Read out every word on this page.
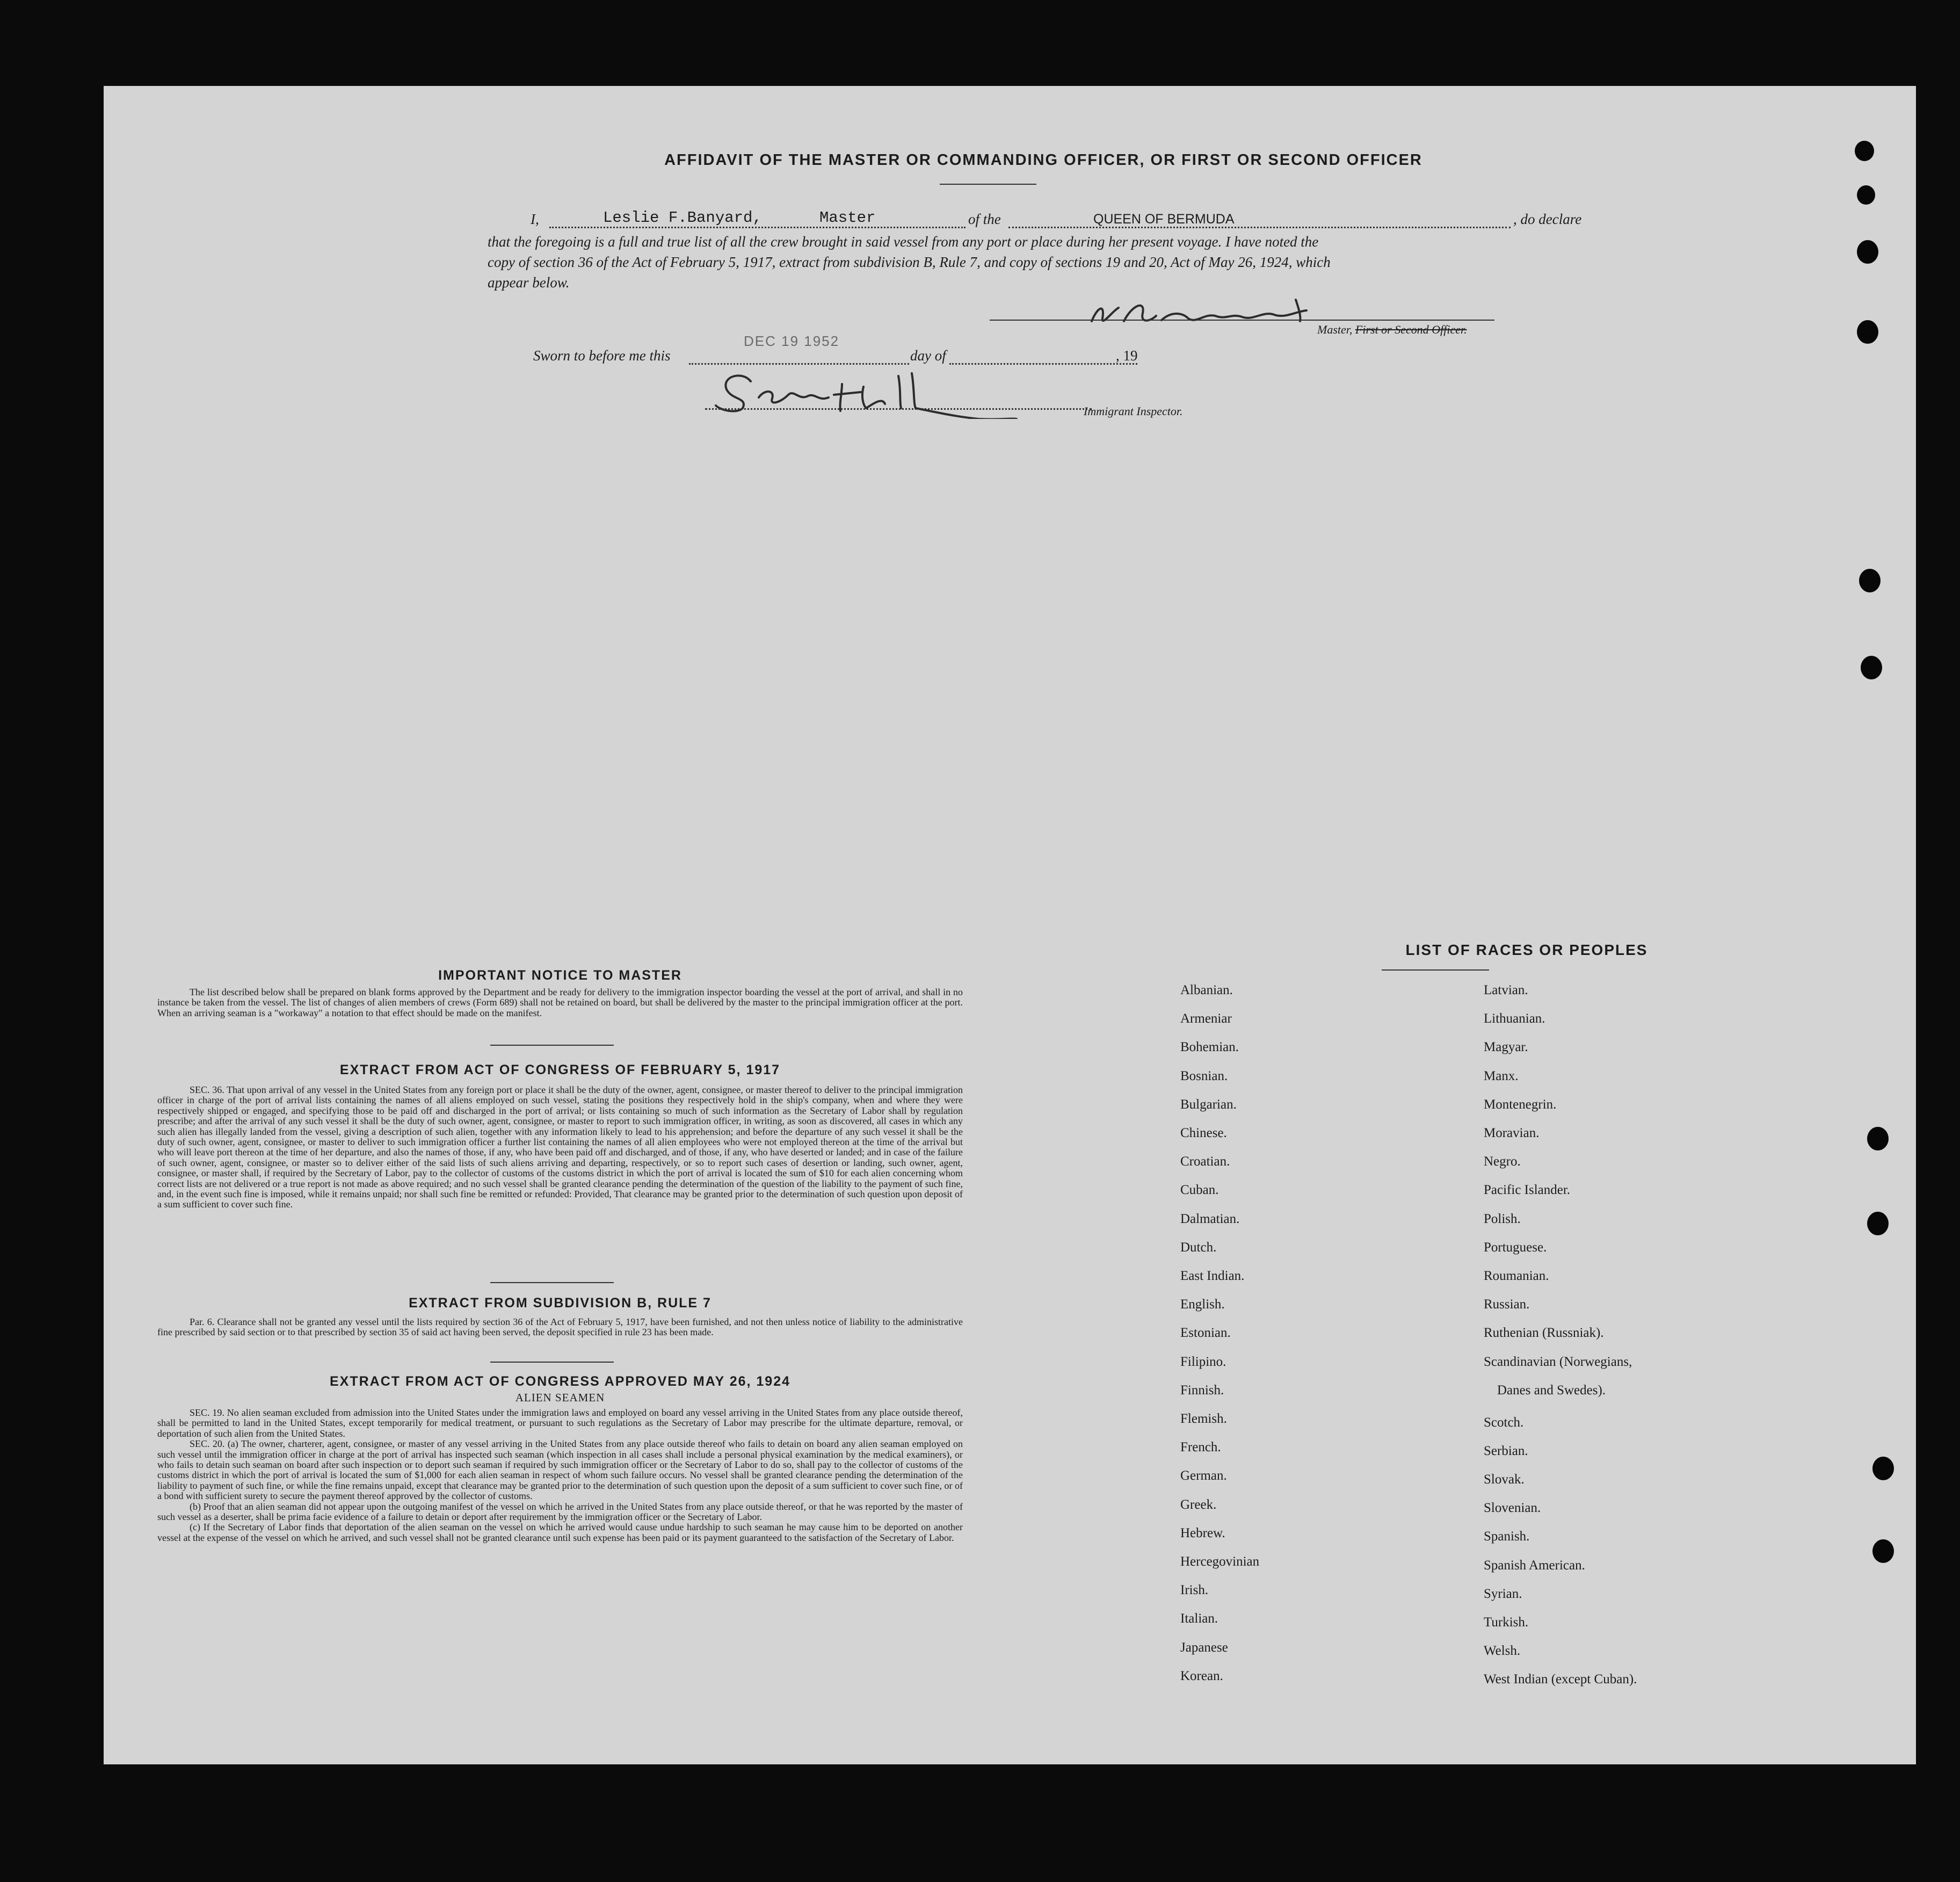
AFFIDAVIT OF THE MASTER OR COMMANDING OFFICER, OR FIRST OR SECOND OFFICER
I,	Leslie F.Banyard,	Master	of the	QUEEN OF BERMUDA	, do declare
that the foregoing is a full and true list of all the crew brought in said vessel from any port or place during her present voyage. I have noted the
copy of section 36 of the Act of February 5, 1917, extract from subdivision B, Rule 7, and copy of sections 19 and 20, Act of May 26, 1924, which
appear below.
Master, First or Second Officer.
Sworn to before me this
DEC 19 1952
day of	, 19
Immigrant Inspector.
IMPORTANT NOTICE TO MASTER
The list described below shall be prepared on blank forms approved by the Department and be ready for delivery to the immigration inspector boarding the vessel at the port of arrival, and shall in no instance be taken from the vessel. The list of changes of alien members of crews (Form 689) shall not be retained on board, but shall be delivered by the master to the principal immigration officer at the port. When an arriving seaman is a "workaway" a notation to that effect should be made on the manifest.
EXTRACT FROM ACT OF CONGRESS OF FEBRUARY 5, 1917
SEC. 36. That upon arrival of any vessel in the United States from any foreign port or place it shall be the duty of the owner, agent, consignee, or master thereof to deliver to the principal immigration officer in charge of the port of arrival lists containing the names of all aliens employed on such vessel, stating the positions they respectively hold in the ship's company, when and where they were respectively shipped or engaged, and specifying those to be paid off and discharged in the port of arrival; or lists containing so much of such information as the Secretary of Labor shall by regulation prescribe; and after the arrival of any such vessel it shall be the duty of such owner, agent, consignee, or master to report to such immigration officer, in writing, as soon as discovered, all cases in which any such alien has illegally landed from the vessel, giving a description of such alien, together with any information likely to lead to his apprehension; and before the departure of any such vessel it shall be the duty of such owner, agent, consignee, or master to deliver to such immigration officer a further list containing the names of all alien employees who were not employed thereon at the time of the arrival but who will leave port thereon at the time of her departure, and also the names of those, if any, who have been paid off and discharged, and of those, if any, who have deserted or landed; and in case of the failure of such owner, agent, consignee, or master so to deliver either of the said lists of such aliens arriving and departing, respectively, or so to report such cases of desertion or landing, such owner, agent, consignee, or master shall, if required by the Secretary of Labor, pay to the collector of customs of the customs district in which the port of arrival is located the sum of $10 for each alien concerning whom correct lists are not delivered or a true report is not made as above required; and no such vessel shall be granted clearance pending the determination of the question of the liability to the payment of such fine, and, in the event such fine is imposed, while it remains unpaid; nor shall such fine be remitted or refunded: Provided, That clearance may be granted prior to the determination of such question upon deposit of a sum sufficient to cover such fine.
EXTRACT FROM SUBDIVISION B, RULE 7
Par. 6. Clearance shall not be granted any vessel until the lists required by section 36 of the Act of February 5, 1917, have been furnished, and not then unless notice of liability to the administrative fine prescribed by said section or to that prescribed by section 35 of said act having been served, the deposit specified in rule 23 has been made.
EXTRACT FROM ACT OF CONGRESS APPROVED MAY 26, 1924
ALIEN SEAMEN
SEC. 19. No alien seaman excluded from admission into the United States under the immigration laws and employed on board any vessel arriving in the United States from any place outside thereof, shall be permitted to land in the United States, except temporarily for medical treatment, or pursuant to such regulations as the Secretary of Labor may prescribe for the ultimate departure, removal, or deportation of such alien from the United States.
SEC. 20. (a) The owner, charterer, agent, consignee, or master of any vessel arriving in the United States from any place outside thereof who fails to detain on board any alien seaman employed on such vessel until the immigration officer in charge at the port of arrival has inspected such seaman (which inspection in all cases shall include a personal physical examination by the medical examiners), or who fails to detain such seaman on board after such inspection or to deport such seaman if required by such immigration officer or the Secretary of Labor to do so, shall pay to the collector of customs of the customs district in which the port of arrival is located the sum of $1,000 for each alien seaman in respect of whom such failure occurs. No vessel shall be granted clearance pending the determination of the liability to payment of such fine, or while the fine remains unpaid, except that clearance may be granted prior to the determination of such question upon the deposit of a sum sufficient to cover such fine, or of a bond with sufficient surety to secure the payment thereof approved by the collector of customs.
(b) Proof that an alien seaman did not appear upon the outgoing manifest of the vessel on which he arrived in the United States from any place outside thereof, or that he was reported by the master of such vessel as a deserter, shall be prima facie evidence of a failure to detain or deport after requirement by the immigration officer or the Secretary of Labor.
(c) If the Secretary of Labor finds that deportation of the alien seaman on the vessel on which he arrived would cause undue hardship to such seaman he may cause him to be deported on another vessel at the expense of the vessel on which he arrived, and such vessel shall not be granted clearance until such expense has been paid or its payment guaranteed to the satisfaction of the Secretary of Labor.
LIST OF RACES OR PEOPLES
Albanian.
Armeniar
Bohemian.
Bosnian.
Bulgarian.
Chinese.
Croatian.
Cuban.
Dalmatian.
Dutch.
East Indian.
English.
Estonian.
Filipino.
Finnish.
Flemish.
French.
German.
Greek.
Hebrew.
Hercegovinian
Irish.
Italian.
Japanese
Korean.
Latvian.
Lithuanian.
Magyar.
Manx.
Montenegrin.
Moravian.
Negro.
Pacific Islander.
Polish.
Portuguese.
Roumanian.
Russian.
Ruthenian (Russniak).
Scandinavian (Norwegians,
Danes and Swedes).
Scotch.
Serbian.
Slovak.
Slovenian.
Spanish.
Spanish American.
Syrian.
Turkish.
Welsh.
West Indian (except Cuban).
